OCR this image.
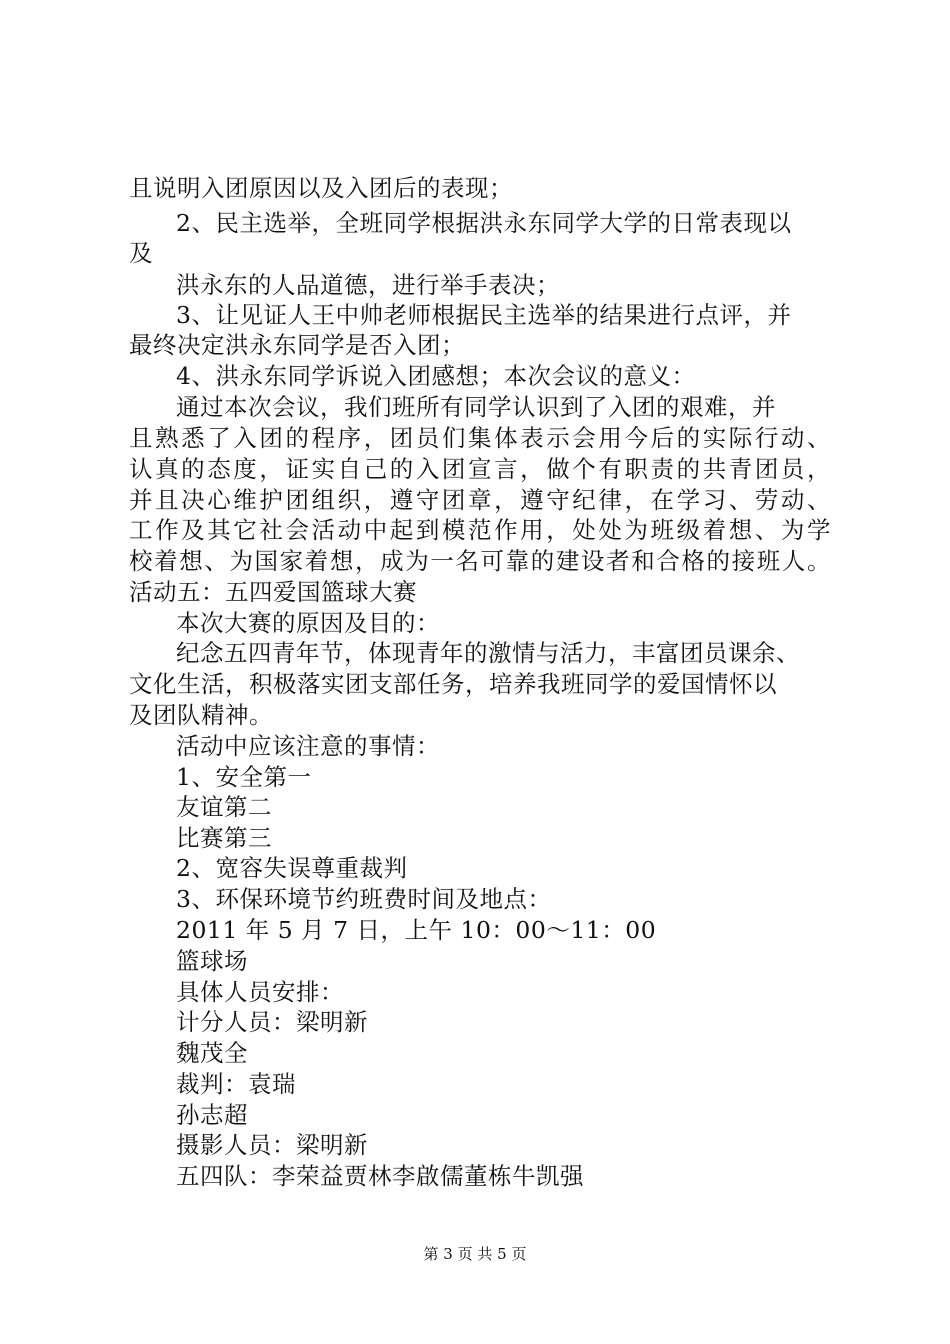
且说明入团原因以及入团后的表现；
2、民主选举，全班同学根据洪永东同学大学的日常表现以
及
洪永东的人品道德，进行举手表决；
3、让见证人王中帅老师根据民主选举的结果进行点评，并
最终决定洪永东同学是否入团；
4、洪永东同学诉说入团感想；本次会议的意义：
通过本次会议，我们班所有同学认识到了入团的艰难，并
且熟悉了入团的程序，团员们集体表示会用今后的实际行动、
认真的态度，证实自己的入团宣言，做个有职责的共青团员，
并且决心维护团组织，遵守团章，遵守纪律，在学习、劳动、
工作及其它社会活动中起到模范作用，处处为班级着想、为学
校着想、为国家着想，成为一名可靠的建设者和合格的接班人。
活动五：五四爱国篮球大赛
本次大赛的原因及目的：
纪念五四青年节，体现青年的激情与活力，丰富团员课余、
文化生活，积极落实团支部任务，培养我班同学的爱国情怀以
及团队精神。
活动中应该注意的事情：
1、安全第一
友谊第二
比赛第三
2、宽容失误尊重裁判
3、环保环境节约班费时间及地点：
2011 年 5 月 7 日，上午 10：00～11：00
篮球场
具体人员安排：
计分人员：梁明新
魏茂全
裁判：袁瑞
孙志超
摄影人员：梁明新
五四队：李荣益贾林李啟儒董栋牛凯强
第 3 页 共 5 页
